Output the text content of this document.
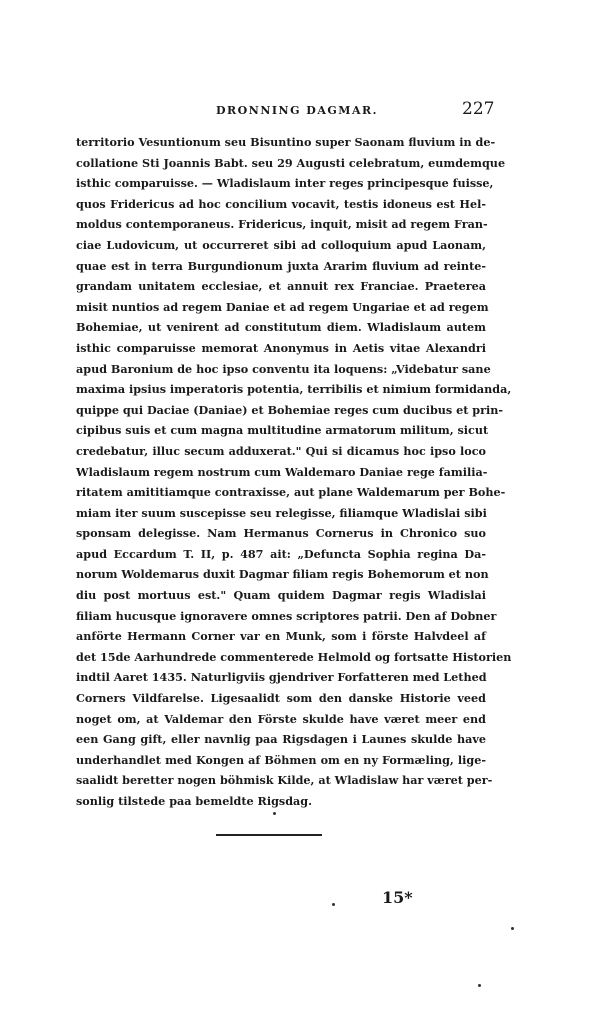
DRONNING DAGMAR.	227
territorio Vesuntionum seu Bisuntino super Saonam fluvium in de-
collatione Sti Joannis Babt. seu 29 Augusti celebratum, eumdemque
isthic comparuisse. — Wladislaum inter reges principesque fuisse,
quos Fridericus ad hoc concilium vocavit, testis idoneus est Hel-
moldus contemporaneus. Fridericus, inquit, misit ad regem Fran-
ciae Ludovicum, ut occurreret sibi ad colloquium apud Laonam,
quae est in terra Burgundionum juxta Ararim fluvium ad reinte-
grandam unitatem ecclesiae, et annuit rex Franciae. Praeterea
misit nuntios ad regem Daniae et ad regem Ungariae et ad regem
Bohemiae, ut venirent ad constitutum diem. Wladislaum autem
isthic comparuisse memorat Anonymus in Aetis vitae Alexandri
apud Baronium de hoc ipso conventu ita loquens: „Videbatur sane
maxima ipsius imperatoris potentia, terribilis et nimium formidanda,
quippe qui Daciae (Daniae) et Bohemiae reges cum ducibus et prin-
cipibus suis et cum magna multitudine armatorum militum, sicut
credebatur, illuc secum adduxerat." Qui si dicamus hoc ipso loco
Wladislaum regem nostrum cum Waldemaro Daniae rege familia-
ritatem amititiamque contraxisse, aut plane Waldemarum per Bohe-
miam iter suum suscepisse seu relegisse, filiamque Wladislai sibi
sponsam delegisse. Nam Hermanus Cornerus in Chronico suo
apud Eccardum T. II, p. 487 ait: „Defuncta Sophia regina Da-
norum Woldemarus duxit Dagmar filiam regis Bohemorum et non
diu post mortuus est." Quam quidem Dagmar regis Wladislai
filiam hucusque ignoravere omnes scriptores patrii. Den af Dobner
anförte Hermann Corner var en Munk, som i förste Halvdeel af
det 15de Aarhundrede commenterede Helmold og fortsatte Historien
indtil Aaret 1435. Naturligviis gjendriver Forfatteren med Lethed
Corners Vildfarelse. Ligesaalidt som den danske Historie veed
noget om, at Valdemar den Förste skulde have været meer end
een Gang gift, eller navnlig paa Rigsdagen i Launes skulde have
underhandlet med Kongen af Böhmen om en ny Formæling, lige-
saalidt beretter nogen böhmisk Kilde, at Wladislaw har været per-
sonlig tilstede paa bemeldte Rigsdag.
15*
